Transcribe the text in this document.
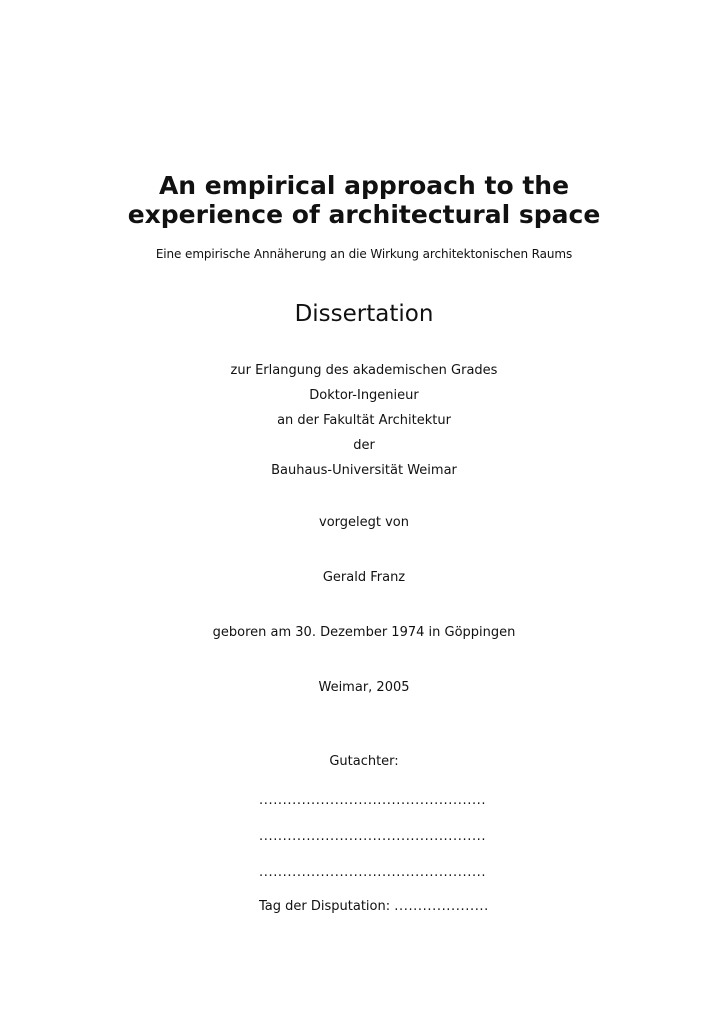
An empirical approach to the
experience of architectural space
Eine empirische Annäherung an die Wirkung architektonischen Raums
Dissertation
zur Erlangung des akademischen Grades
Doktor-Ingenieur
an der Fakultät Architektur
der
Bauhaus-Universität Weimar
vorgelegt von
Gerald Franz
geboren am 30. Dezember 1974 in Göppingen
Weimar, 2005
Gutachter:
.....
.....
.....
Tag der Disputation: .....
